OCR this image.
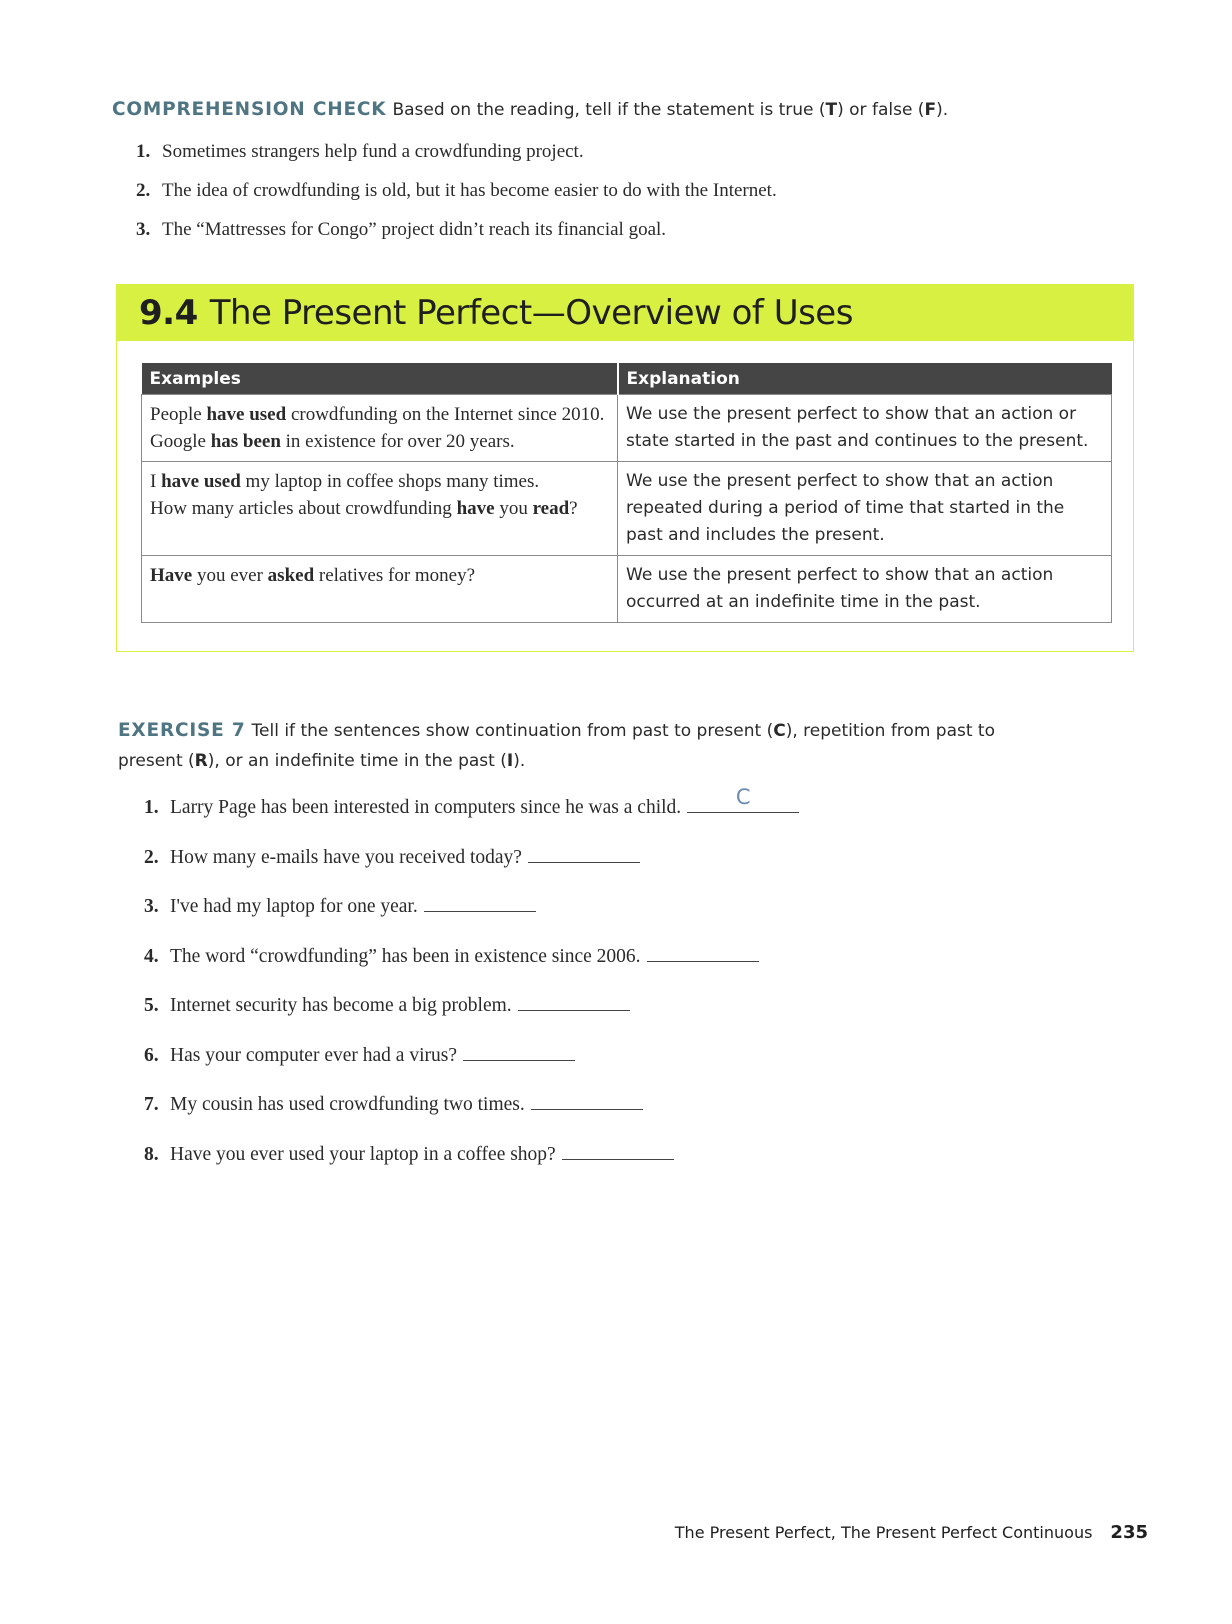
COMPREHENSION CHECK Based on the reading, tell if the statement is true (T) or false (F).
1. Sometimes strangers help fund a crowdfunding project.
2. The idea of crowdfunding is old, but it has become easier to do with the Internet.
3. The “Mattresses for Congo” project didn’t reach its financial goal.
9.4 The Present Perfect—Overview of Uses
Examples	Explanation

People have used crowdfunding on the Internet since 2010.
Google has been in existence for over 20 years.	We use the present perfect to show that an action or state started in the past and continues to the present.

I have used my laptop in coffee shops many times.
How many articles about crowdfunding have you read?	We use the present perfect to show that an action repeated during a period of time that started in the past and includes the present.

Have you ever asked relatives for money?	We use the present perfect to show that an action occurred at an indefinite time in the past.
EXERCISE 7 Tell if the sentences show continuation from past to present (C), repetition from past to present (R), or an indefinite time in the past (I).
1. Larry Page has been interested in computers since he was a child.	C
2. How many e-mails have you received today?
3. I've had my laptop for one year.
4. The word “crowdfunding” has been in existence since 2006.
5. Internet security has become a big problem.
6. Has your computer ever had a virus?
7. My cousin has used crowdfunding two times.
8. Have you ever used your laptop in a coffee shop?
The Present Perfect, The Present Perfect Continuous 235
